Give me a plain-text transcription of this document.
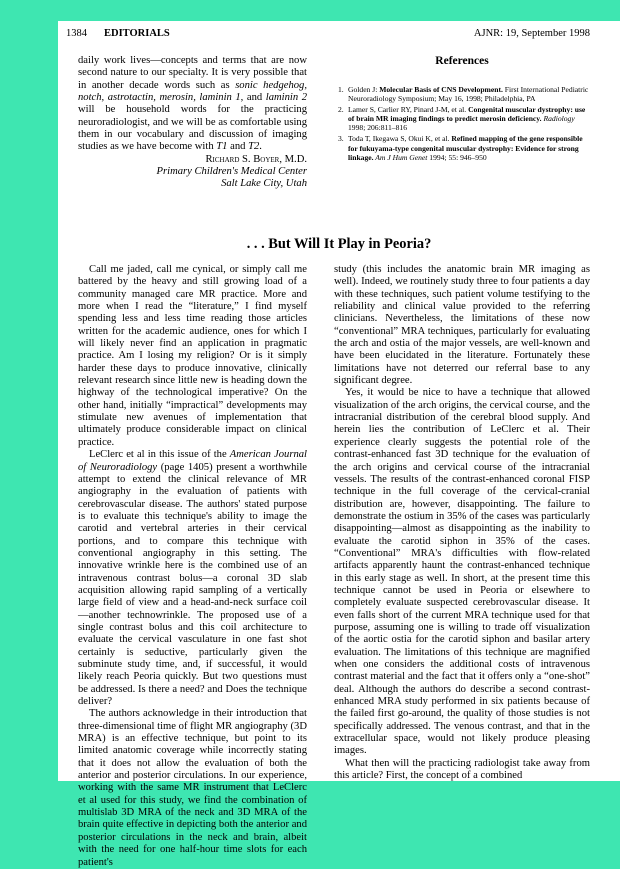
1384 EDITORIALS	AJNR: 19, September 1998

daily work lives—concepts and terms that are now second nature to our specialty. It is very possible that in another decade words such as sonic hedgehog, notch, astrotactin, merosin, laminin 1, and laminin 2 will be household words for the practicing neuroradiologist, and we will be as comfortable using them in our vocabulary and discussion of imaging studies as we have become with T1 and T2.

Richard S. Boyer, M.D.
Primary Children's Medical Center
Salt Lake City, Utah
References
1. Golden J: Molecular Basis of CNS Development. First International Pediatric Neuroradiology Symposium; May 16, 1998; Philadelphia, PA
2. Lamer S, Carlier RY, Pinard J-M, et al. Congenital muscular dystrophy: use of brain MR imaging findings to predict merosin deficiency. Radiology 1998; 206:811–816
3. Toda T, Ikegawa S, Okui K, et al. Refined mapping of the gene responsible for fukuyama-type congenital muscular dystrophy: Evidence for strong linkage. Am J Hum Genet 1994; 55: 946–950
. . . But Will It Play in Peoria?

Call me jaded, call me cynical, or simply call me battered by the heavy and still growing load of a community managed care MR practice. More and more when I read the “literature,” I find myself spending less and less time reading those articles written for the academic audience, ones for which I will likely never find an application in pragmatic practice. Am I losing my religion? Or is it simply harder these days to produce innovative, clinically relevant research since little new is heading down the highway of the technological imperative? On the other hand, initially “impractical” developments may stimulate new avenues of implementation that ultimately produce considerable impact on clinical practice.

LeClerc et al in this issue of the American Journal of Neuroradiology (page 1405) present a worthwhile attempt to extend the clinical relevance of MR angiography in the evaluation of patients with cerebrovascular disease. The authors' stated purpose is to evaluate this technique's ability to image the carotid and vertebral arteries in their cervical portions, and to compare this technique with conventional angiography in this setting. The innovative wrinkle here is the combined use of an intravenous contrast bolus—a coronal 3D slab acquisition allowing rapid sampling of a vertically large field of view and a head-and-neck surface coil—another technowrinkle. The proposed use of a single contrast bolus and this coil architecture to evaluate the cervical vasculature in one fast shot certainly is seductive, particularly given the subminute study time, and, if successful, it would likely reach Peoria quickly. But two questions must be addressed. Is there a need? and Does the technique deliver?

The authors acknowledge in their introduction that three-dimensional time of flight MR angiography (3D MRA) is an effective technique, but point to its limited anatomic coverage while incorrectly stating that it does not allow the evaluation of both the anterior and posterior circulations. In our experience, working with the same MR instrument that LeClerc et al used for this study, we find the combination of multislab 3D MRA of the neck and 3D MRA of the brain quite effective in depicting both the anterior and posterior circulations in the neck and brain, albeit with the need for one half-hour time slots for each patient's

study (this includes the anatomic brain MR imaging as well). Indeed, we routinely study three to four patients a day with these techniques, such patient volume testifying to the reliability and clinical value provided to the referring clinicians. Nevertheless, the limitations of these now “conventional” MRA techniques, particularly for evaluating the arch and ostia of the major vessels, are well-known and have been elucidated in the literature. Fortunately these limitations have not deterred our referral base to any significant degree.

Yes, it would be nice to have a technique that allowed visualization of the arch origins, the cervical course, and the intracranial distribution of the cerebral blood supply. And herein lies the contribution of LeClerc et al. Their experience clearly suggests the potential role of the contrast-enhanced fast 3D technique for the evaluation of the arch origins and cervical course of the intracranial vessels. The results of the contrast-enhanced coronal FISP technique in the full coverage of the cervical-cranial distribution are, however, disappointing. The failure to demonstrate the ostium in 35% of the cases was particularly disappointing—almost as disappointing as the inability to evaluate the carotid siphon in 35% of the cases. “Conventional” MRA's difficulties with flow-related artifacts apparently haunt the contrast-enhanced technique in this early stage as well. In short, at the present time this technique cannot be used in Peoria or elsewhere to completely evaluate suspected cerebrovascular disease. It even falls short of the current MRA technique used for that purpose, assuming one is willing to trade off visualization of the aortic ostia for the carotid siphon and basilar artery evaluation. The limitations of this technique are magnified when one considers the additional costs of intravenous contrast material and the fact that it offers only a “one-shot” deal. Although the authors do describe a second contrast-enhanced MRA study performed in six patients because of the failed first go-around, the quality of those studies is not specifically addressed. The venous contrast, and that in the extracellular space, would not likely produce pleasing images.

What then will the practicing radiologist take away from this article? First, the concept of a combined
